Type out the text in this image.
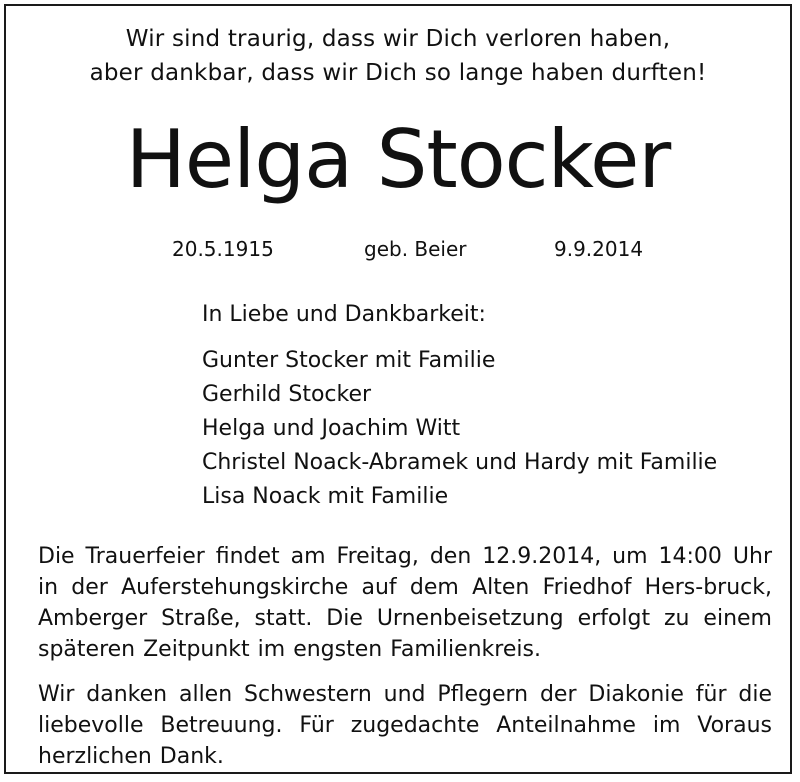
Wir sind traurig, dass wir Dich verloren haben,
aber dankbar, dass wir Dich so lange haben durften!
Helga Stocker
20.5.1915	geb. Beier	9.9.2014
In Liebe und Dankbarkeit:
Gunter Stocker mit Familie
Gerhild Stocker
Helga und Joachim Witt
Christel Noack-Abramek und Hardy mit Familie
Lisa Noack mit Familie
Die Trauerfeier findet am Freitag, den 12.9.2014, um 14:00 Uhr in der Auferstehungskirche auf dem Alten Friedhof Hers-bruck, Amberger Straße, statt. Die Urnenbeisetzung erfolgt zu einem späteren Zeitpunkt im engsten Familienkreis.
Wir danken allen Schwestern und Pflegern der Diakonie für die liebevolle Betreuung. Für zugedachte Anteilnahme im Voraus herzlichen Dank.
